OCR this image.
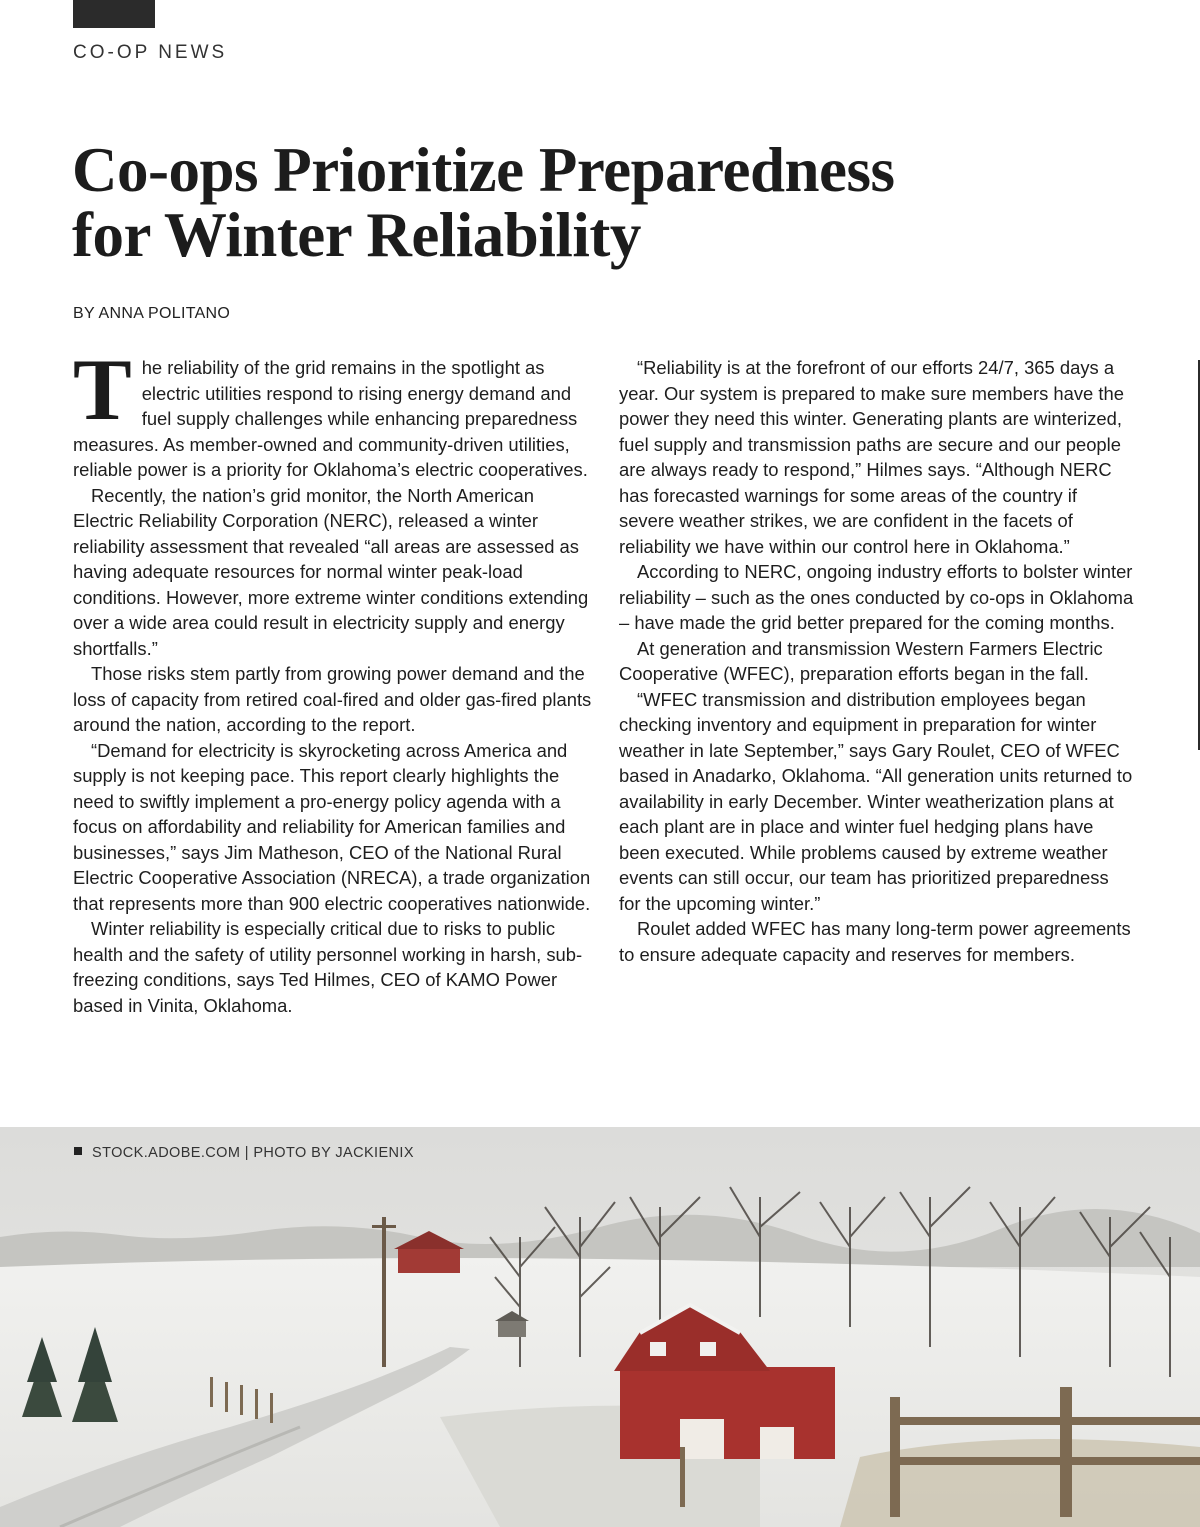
CO-OP NEWS
Co-ops Prioritize Preparedness
for Winter Reliability
BY ANNA POLITANO

The reliability of the grid remains in the spotlight as electric utilities respond to rising energy demand and fuel supply challenges while enhancing preparedness measures. As member-owned and community-driven utilities, reliable power is a priority for Oklahoma’s electric cooperatives.

Recently, the nation’s grid monitor, the North American Electric Reliability Corporation (NERC), released a winter reliability assessment that revealed “all areas are assessed as having adequate resources for normal winter peak-load conditions. However, more extreme winter conditions extending over a wide area could result in electricity supply and energy shortfalls.”

Those risks stem partly from growing power demand and the loss of capacity from retired coal-fired and older gas-fired plants around the nation, according to the report.

“Demand for electricity is skyrocketing across America and supply is not keeping pace. This report clearly highlights the need to swiftly implement a pro-energy policy agenda with a focus on affordability and reliability for American families and businesses,” says Jim Matheson, CEO of the National Rural Electric Cooperative Association (NRECA), a trade organization that represents more than 900 electric cooperatives nationwide.

Winter reliability is especially critical due to risks to public health and the safety of utility personnel working in harsh, sub-freezing conditions, says Ted Hilmes, CEO of KAMO Power based in Vinita, Oklahoma.

“Reliability is at the forefront of our efforts 24/7, 365 days a year. Our system is prepared to make sure members have the power they need this winter. Generating plants are winterized, fuel supply and transmission paths are secure and our people are always ready to respond,” Hilmes says. “Although NERC has forecasted warnings for some areas of the country if severe weather strikes, we are confident in the facets of reliability we have within our control here in Oklahoma.”

According to NERC, ongoing industry efforts to bolster winter reliability – such as the ones conducted by co-ops in Oklahoma – have made the grid better prepared for the coming months.

At generation and transmission Western Farmers Electric Cooperative (WFEC), preparation efforts began in the fall.

“WFEC transmission and distribution employees began checking inventory and equipment in preparation for winter weather in late September,” says Gary Roulet, CEO of WFEC based in Anadarko, Oklahoma. “All generation units returned to availability in early December. Winter weatherization plans at each plant are in place and winter fuel hedging plans have been executed. While problems caused by extreme weather events can still occur, our team has prioritized preparedness for the upcoming winter.”

Roulet added WFEC has many long-term power agreements to ensure adequate capacity and reserves for members.

STOCK.ADOBE.COM | PHOTO BY JACKIENIX
